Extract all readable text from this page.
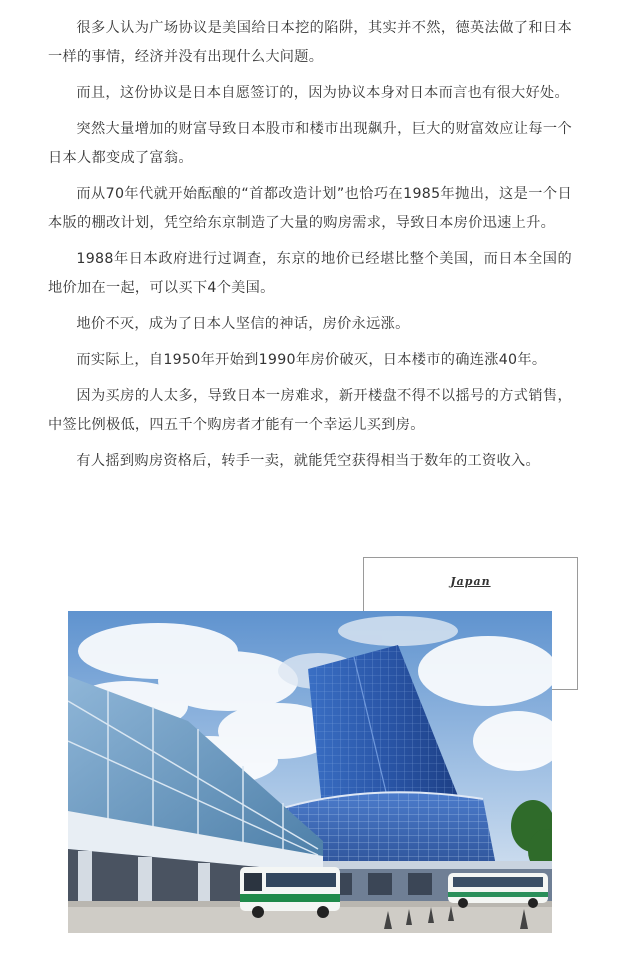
很多人认为广场协议是美国给日本挖的陷阱，其实并不然，德英法做了和日本一样的事情，经济并没有出现什么大问题。

而且，这份协议是日本自愿签订的，因为协议本身对日本而言也有很大好处。

突然大量增加的财富导致日本股市和楼市出现飙升，巨大的财富效应让每一个日本人都变成了富翁。

而从70年代就开始酝酿的“首都改造计划”也恰巧在1985年抛出，这是一个日本版的棚改计划，凭空给东京制造了大量的购房需求，导致日本房价迅速上升。

1988年日本政府进行过调查，东京的地价已经堪比整个美国，而日本全国的地价加在一起，可以买下4个美国。

地价不灭，成为了日本人坚信的神话，房价永远涨。

而实际上，自1950年开始到1990年房价破灭，日本楼市的确连涨40年。

因为买房的人太多，导致日本一房难求，新开楼盘不得不以摇号的方式销售，中签比例极低，四五千个购房者才能有一个幸运儿买到房。

有人摇到购房资格后，转手一卖，就能凭空获得相当于数年的工资收入。

Japan
